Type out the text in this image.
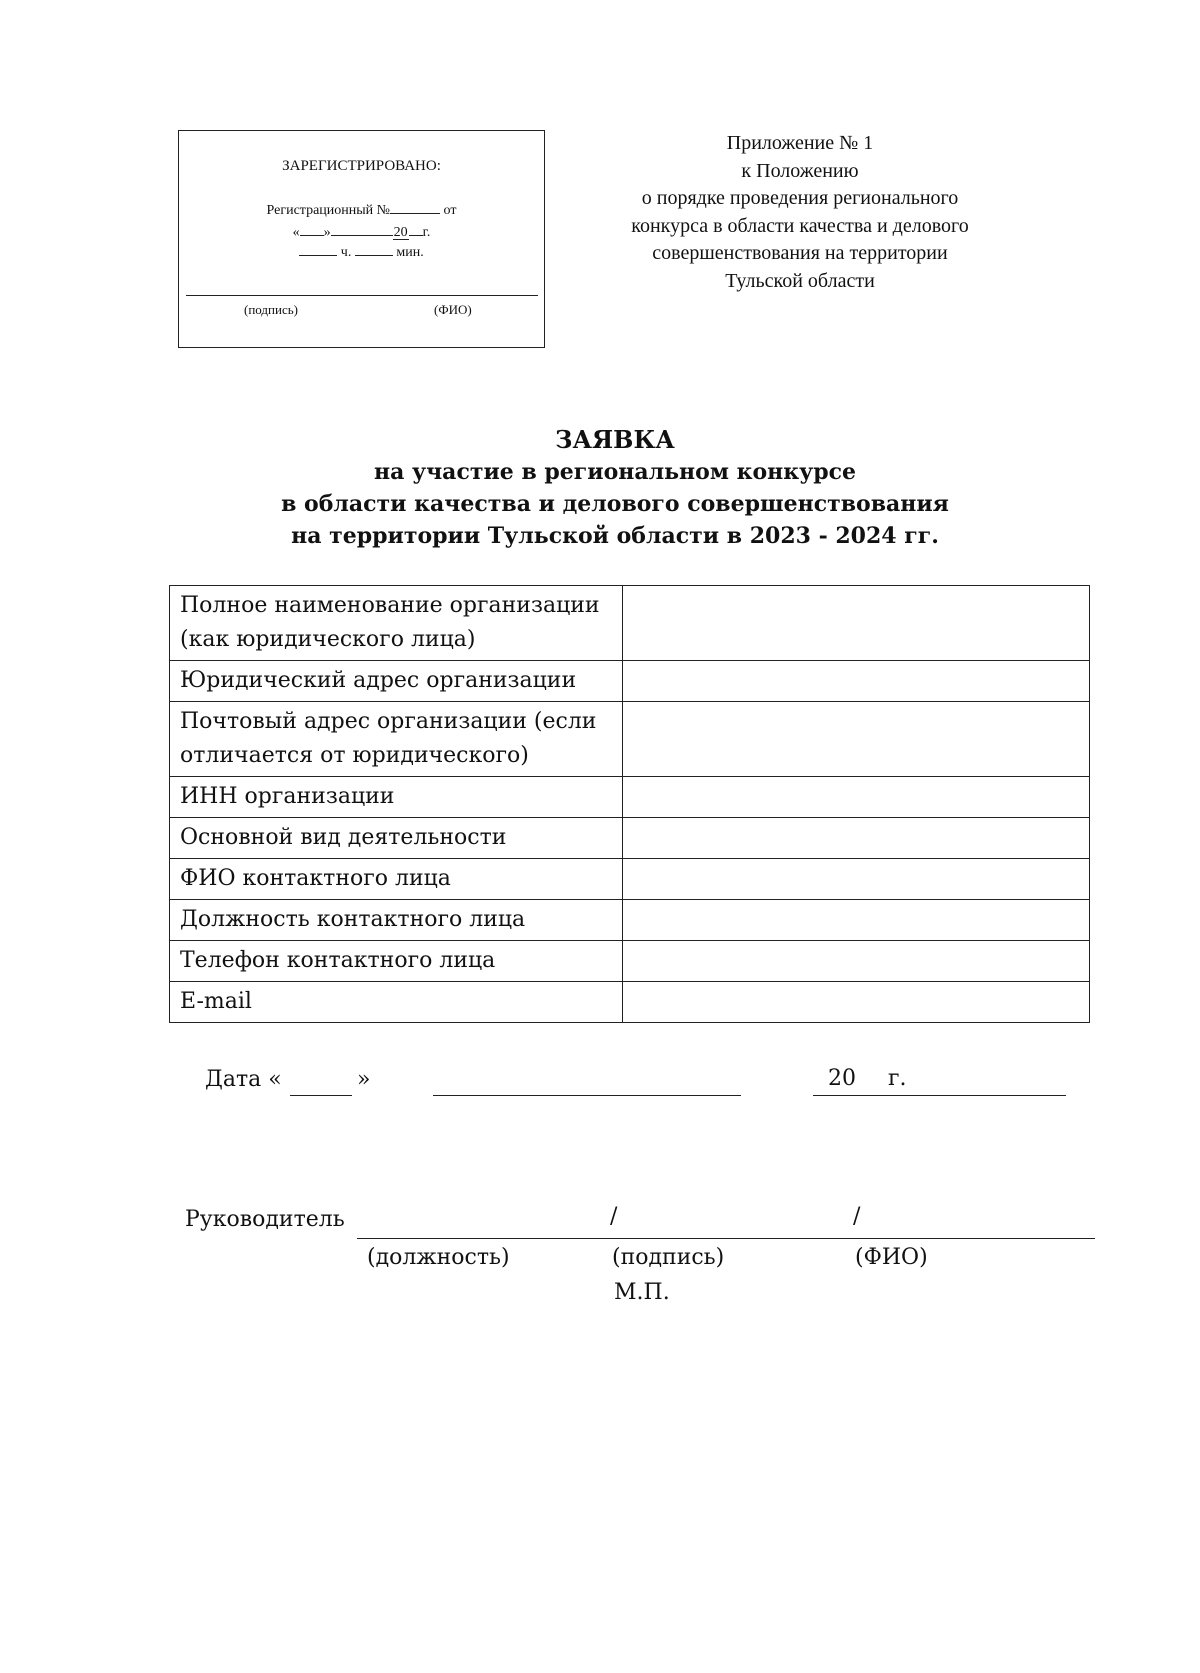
ЗАРЕГИСТРИРОВАНО:
Регистрационный №	от
« »	20 г.
ч.	мин.
(подпись)	(ФИО)
Приложение № 1
к Положению
о порядке проведения регионального
конкурса в области качества и делового
совершенствования на территории
Тульской области
ЗАЯВКА
на участие в региональном конкурсе
в области качества и делового совершенствования
на территории Тульской области в 2023 - 2024 гг.
Полное наименование организации (как юридического лица)	
Юридический адрес организации	
Почтовый адрес организации (если отличается от юридического)	
ИНН организации	
Основной вид деятельности	
ФИО контактного лица	
Должность контактного лица	
Телефон контактного лица	
E-mail	
Дата «	»	20 г.
Руководитель	/	/
(должность)	(подпись)	(ФИО)
М.П.
